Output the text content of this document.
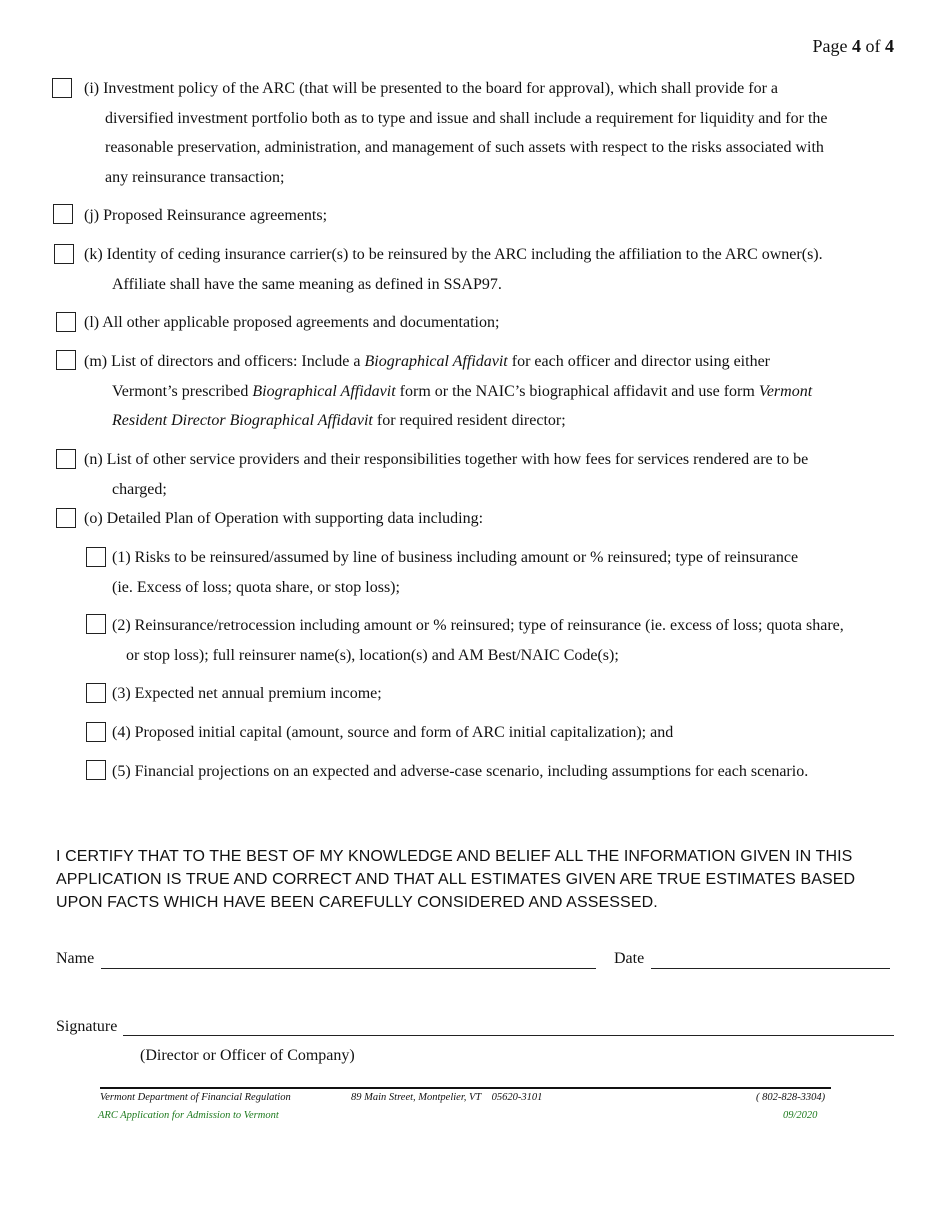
Page 4 of 4
(i) Investment policy of the ARC (that will be presented to the board for approval), which shall provide for a
diversified investment portfolio both as to type and issue and shall include a requirement for liquidity and for the
reasonable preservation, administration, and management of such assets with respect to the risks associated with
any reinsurance transaction;
(j) Proposed Reinsurance agreements;
(k) Identity of ceding insurance carrier(s) to be reinsured by the ARC including the affiliation to the ARC owner(s).
Affiliate shall have the same meaning as defined in SSAP97.
(l) All other applicable proposed agreements and documentation;
(m) List of directors and officers: Include a Biographical Affidavit for each officer and director using either
Vermont’s prescribed Biographical Affidavit form or the NAIC’s biographical affidavit and use form Vermont
Resident Director Biographical Affidavit for required resident director;
(n) List of other service providers and their responsibilities together with how fees for services rendered are to be
charged;
(o) Detailed Plan of Operation with supporting data including:
(1) Risks to be reinsured/assumed by line of business including amount or % reinsured; type of reinsurance
(ie. Excess of loss; quota share, or stop loss);
(2) Reinsurance/retrocession including amount or % reinsured; type of reinsurance (ie. excess of loss; quota share,
or stop loss); full reinsurer name(s), location(s) and AM Best/NAIC Code(s);
(3) Expected net annual premium income;
(4) Proposed initial capital (amount, source and form of ARC initial capitalization); and
(5) Financial projections on an expected and adverse-case scenario, including assumptions for each scenario.
I CERTIFY THAT TO THE BEST OF MY KNOWLEDGE AND BELIEF ALL THE INFORMATION GIVEN IN THIS APPLICATION IS TRUE AND CORRECT AND THAT ALL ESTIMATES GIVEN ARE TRUE ESTIMATES BASED UPON FACTS WHICH HAVE BEEN CAREFULLY CONSIDERED AND ASSESSED.
Name	Date
Signature
(Director or Officer of Company)
Vermont Department of Financial Regulation	89 Main Street, Montpelier, VT    05620-3101	( 802-828-3304)
ARC Application for Admission to Vermont	09/2020
